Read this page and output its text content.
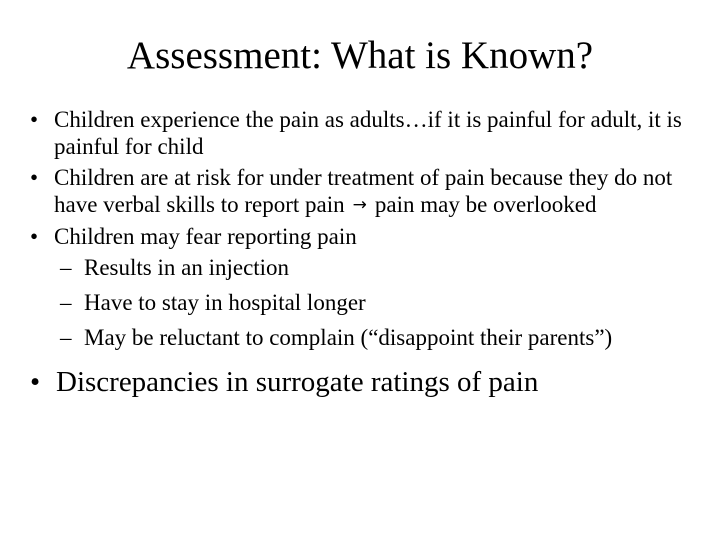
Assessment: What is Known?
• Children experience the pain as adults…if it is painful for adult, it is painful for child
• Children are at risk for under treatment of pain because they do not have verbal skills to report pain → pain may be overlooked
• Children may fear reporting pain
– Results in an injection
– Have to stay in hospital longer
– May be reluctant to complain (“disappoint their parents”)
• Discrepancies in surrogate ratings of pain
